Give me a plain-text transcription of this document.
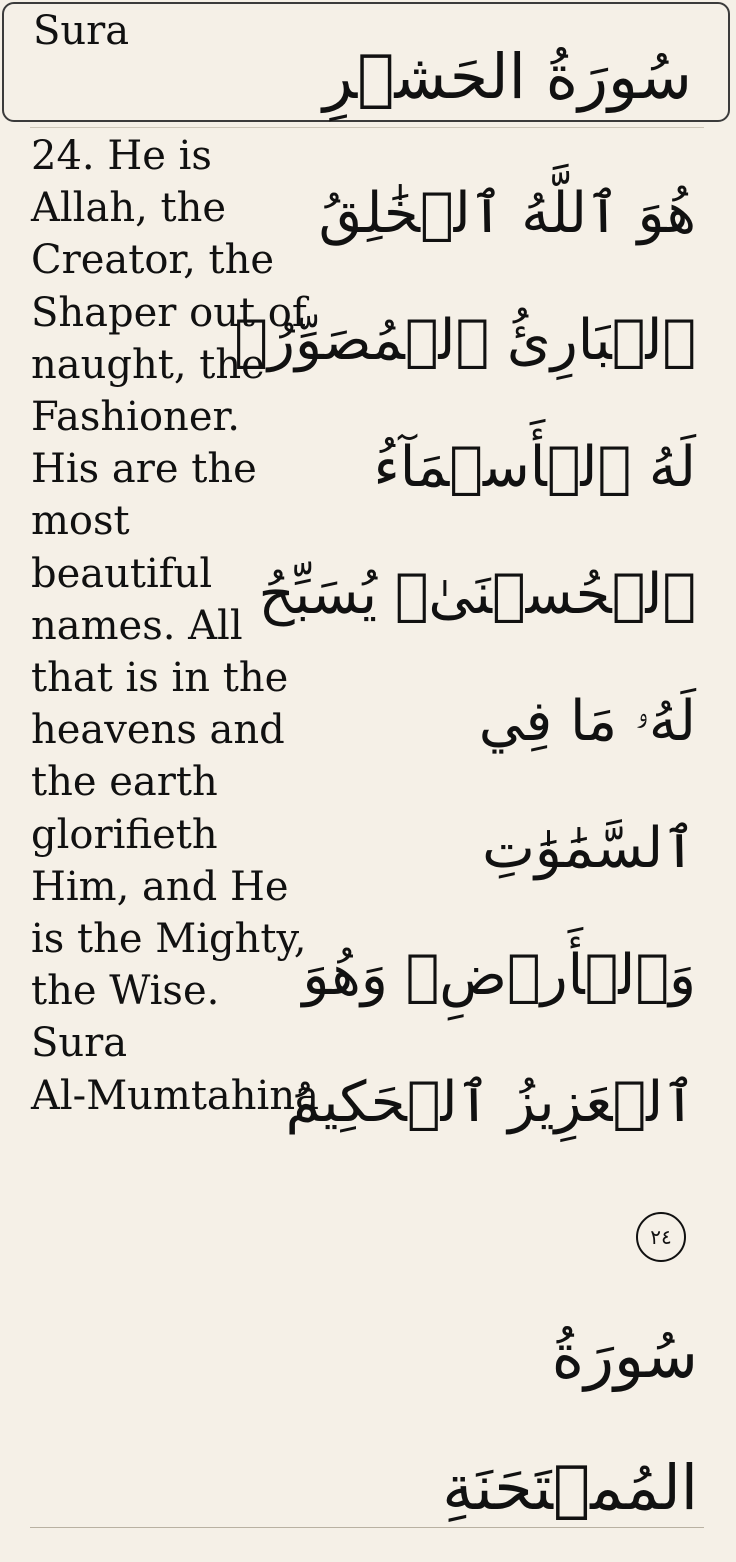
Sura
سُورَةُ الحَشۡرِ
24. He is
Allah, the
Creator, the
Shaper out of
naught, the
Fashioner.
His are the
most
beautiful
names. All
that is in the
heavens and
the earth
glorifieth
Him, and He
is the Mighty,
the Wise.
Sura
Al-Mumtahina
هُوَ ٱللَّهُ ٱلۡخَٰلِقُ
ٱلۡبَارِئُ ٱلۡمُصَوِّرُۖ
لَهُ ٱلۡأَسۡمَآءُ
ٱلۡحُسۡنَىٰۚ يُسَبِّحُ
لَهُۥ مَا فِي
ٱلسَّمَٰوَٰتِ
وَٱلۡأَرۡضِۖ وَهُوَ
ٱلۡعَزِيزُ ٱلۡحَكِيمُ
٢٤
سُورَةُ
المُمۡتَحَنَةِ
